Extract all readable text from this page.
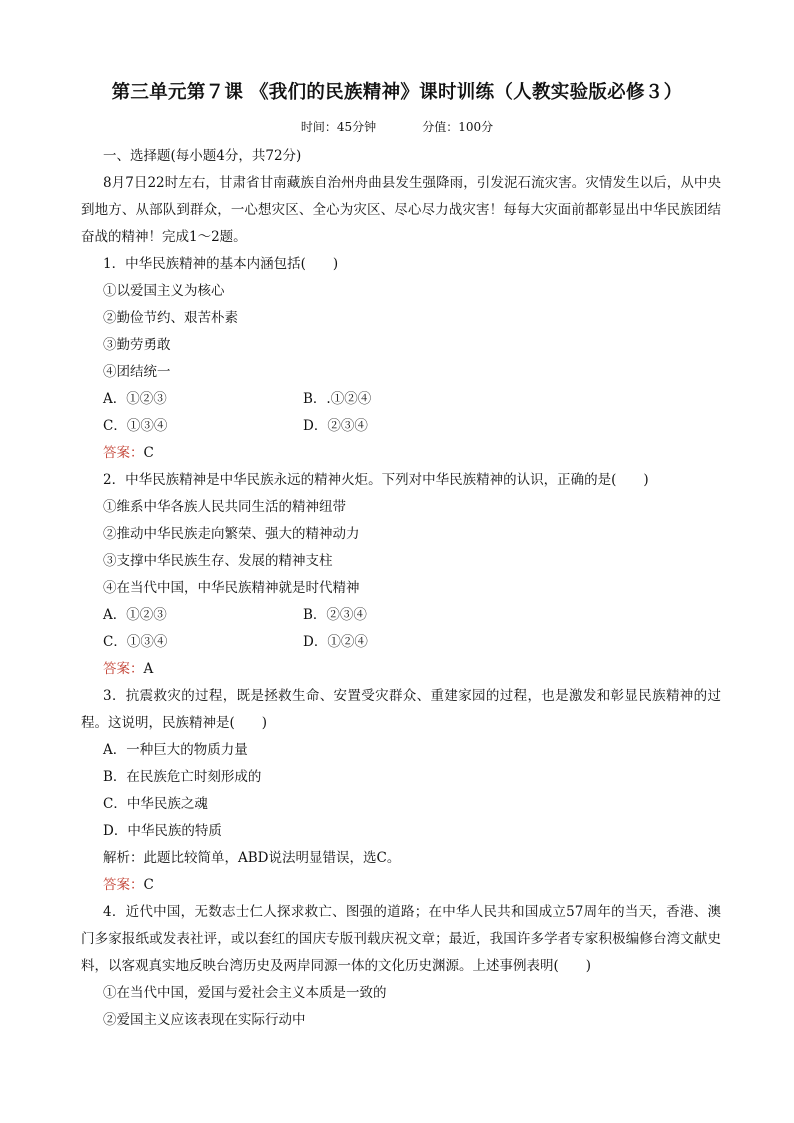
第三单元第７课 《我们的民族精神》课时训练（人教实验版必修３）
时间：45分钟	分值：100分
一、选择题(每小题4分，共72分)
8月7日22时左右，甘肃省甘南藏族自治州舟曲县发生强降雨，引发泥石流灾害。灾情发生以后，从中央到地方、从部队到群众，一心想灾区、全心为灾区、尽心尽力战灾害！每每大灾面前都彰显出中华民族团结奋战的精神！完成1～2题。
1．中华民族精神的基本内涵包括(　　)
①以爱国主义为核心
②勤俭节约、艰苦朴素
③勤劳勇敢
④团结统一
A．①②③	B．.①②④
C．①③④	D．②③④
答案：C
2．中华民族精神是中华民族永远的精神火炬。下列对中华民族精神的认识，正确的是(　　)
①维系中华各族人民共同生活的精神纽带
②推动中华民族走向繁荣、强大的精神动力
③支撑中华民族生存、发展的精神支柱
④在当代中国，中华民族精神就是时代精神
A．①②③	B．②③④
C．①③④	D．①②④
答案：A
3．抗震救灾的过程，既是拯救生命、安置受灾群众、重建家园的过程，也是激发和彰显民族精神的过程。这说明，民族精神是(　　)
A．一种巨大的物质力量
B．在民族危亡时刻形成的
C．中华民族之魂
D．中华民族的特质
解析：此题比较简单，ABD说法明显错误，选C。
答案：C
4．近代中国，无数志士仁人探求救亡、图强的道路；在中华人民共和国成立57周年的当天，香港、澳门多家报纸或发表社评，或以套红的国庆专版刊载庆祝文章；最近，我国许多学者专家积极编修台湾文献史料，以客观真实地反映台湾历史及两岸同源一体的文化历史渊源。上述事例表明(　　)
①在当代中国，爱国与爱社会主义本质是一致的
②爱国主义应该表现在实际行动中
